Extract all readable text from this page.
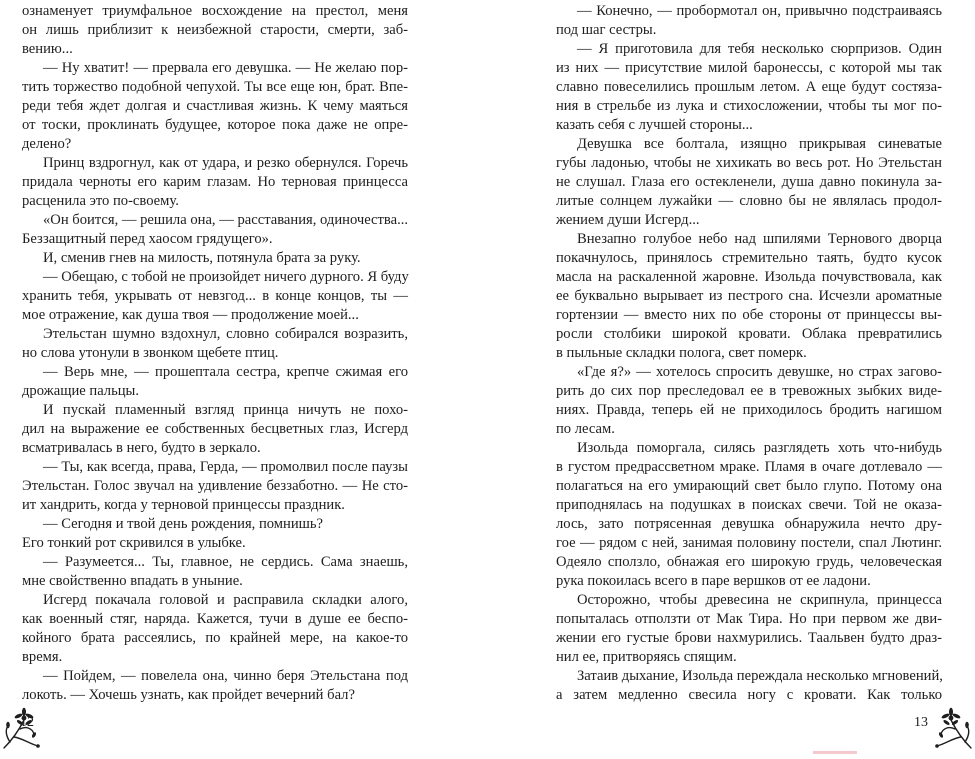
ознаменует триумфальное восхождение на престол, меня
он лишь приблизит к неизбежной старости, смерти, заб-
вению...
— Ну хватит! — прервала его девушка. — Не желаю пор-
тить торжество подобной чепухой. Ты все еще юн, брат. Впе-
реди тебя ждет долгая и счастливая жизнь. К чему маяться
от тоски, проклинать будущее, которое пока даже не опре-
делено?
Принц вздрогнул, как от удара, и резко обернулся. Горечь
придала черноты его карим глазам. Но терновая принцесса
расценила это по-своему.
«Он боится, — решила она, — расставания, одиночества...
Беззащитный перед хаосом грядущего».
И, сменив гнев на милость, потянула брата за руку.
— Обещаю, с тобой не произойдет ничего дурного. Я буду
хранить тебя, укрывать от невзгод... в конце концов, ты —
мое отражение, как душа твоя — продолжение моей...
Этельстан шумно вздохнул, словно собирался возразить,
но слова утонули в звонком щебете птиц.
— Верь мне, — прошептала сестра, крепче сжимая его
дрожащие пальцы.
И пускай пламенный взгляд принца ничуть не похо-
дил на выражение ее собственных бесцветных глаз, Исгерд
всматривалась в него, будто в зеркало.
— Ты, как всегда, права, Герда, — промолвил после паузы
Этельстан. Голос звучал на удивление беззаботно. — Не сто-
ит хандрить, когда у терновой принцессы праздник.
— Сегодня и твой день рождения, помнишь?
Его тонкий рот скривился в улыбке.
— Разумеется... Ты, главное, не сердись. Сама знаешь,
мне свойственно впадать в уныние.
Исгерд покачала головой и расправила складки алого,
как военный стяг, наряда. Кажется, тучи в душе ее беспо-
койного брата рассеялись, по крайней мере, на какое-то
время.
— Пойдем, — повелела она, чинно беря Этельстана под
локоть. — Хочешь узнать, как пройдет вечерний бал?
12
— Конечно, — пробормотал он, привычно подстраиваясь
под шаг сестры.
— Я приготовила для тебя несколько сюрпризов. Один
из них — присутствие милой баронессы, с которой мы так
славно повеселились прошлым летом. А еще будут состяза-
ния в стрельбе из лука и стихосложении, чтобы ты мог по-
казать себя с лучшей стороны...
Девушка все болтала, изящно прикрывая синеватые
губы ладонью, чтобы не хихикать во весь рот. Но Этельстан
не слушал. Глаза его остекленели, душа давно покинула за-
литые солнцем лужайки — словно бы не являлась продол-
жением души Исгерд...
Внезапно голубое небо над шпилями Тернового дворца
покачнулось, принялось стремительно таять, будто кусок
масла на раскаленной жаровне. Изольда почувствовала, как
ее буквально вырывает из пестрого сна. Исчезли ароматные
гортензии — вместо них по обе стороны от принцессы вы-
росли столбики широкой кровати. Облака превратились
в пыльные складки полога, свет померк.
«Где я?» — хотелось спросить девушке, но страх загово-
рить до сих пор преследовал ее в тревожных зыбких виде-
ниях. Правда, теперь ей не приходилось бродить нагишом
по лесам.
Изольда поморгала, силясь разглядеть хоть что-нибудь
в густом предрассветном мраке. Пламя в очаге дотлевало —
полагаться на его умирающий свет было глупо. Потому она
приподнялась на подушках в поисках свечи. Той не оказа-
лось, зато потрясенная девушка обнаружила нечто дру-
гое — рядом с ней, занимая половину постели, спал Лютинг.
Одеяло сползло, обнажая его широкую грудь, человеческая
рука покоилась всего в паре вершков от ее ладони.
Осторожно, чтобы древесина не скрипнула, принцесса
попыталась отползти от Мак Тира. Но при первом же дви-
жении его густые брови нахмурились. Таальвен будто драз-
нил ее, притворяясь спящим.
Затаив дыхание, Изольда переждала несколько мгновений,
а затем медленно свесила ногу с кровати. Как только
13
